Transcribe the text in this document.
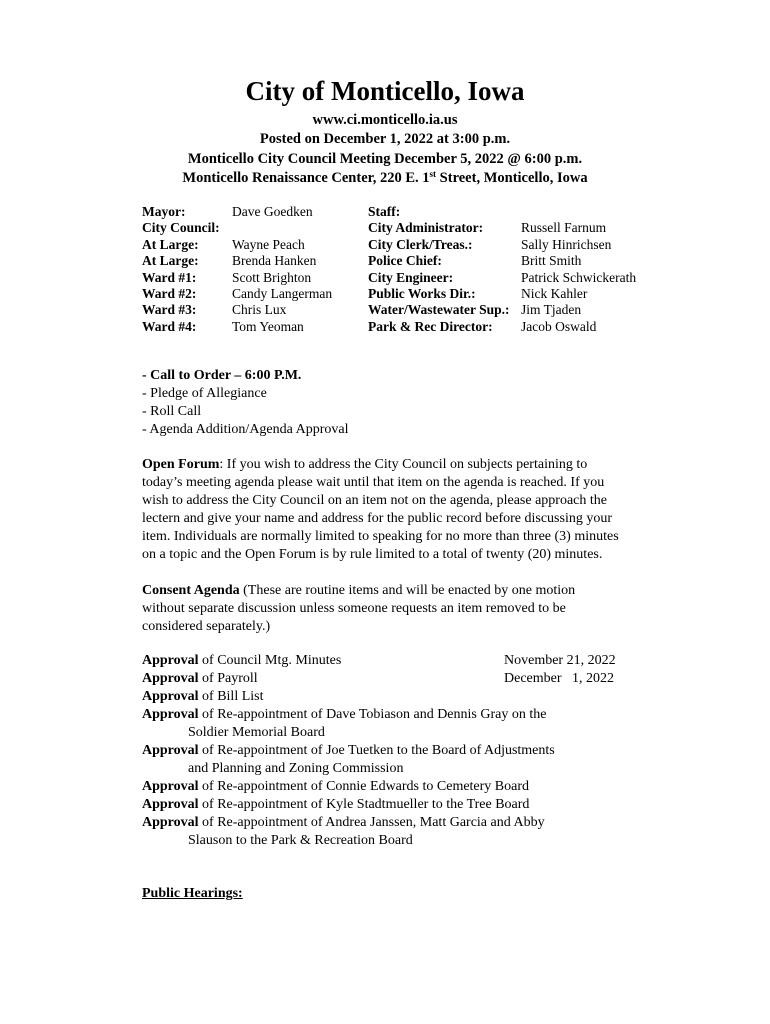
City of Monticello, Iowa
www.ci.monticello.ia.us
Posted on December 1, 2022 at 3:00 p.m.
Monticello City Council Meeting December 5, 2022 @ 6:00 p.m.
Monticello Renaissance Center, 220 E. 1st Street, Monticello, Iowa
Mayor:
City Council:
At Large:
At Large:
Ward #1:
Ward #2:
Ward #3:
Ward #4:
Dave Goedken
Wayne Peach
Brenda Hanken
Scott Brighton
Candy Langerman
Chris Lux
Tom Yeoman
Staff:
City Administrator:
City Clerk/Treas.:
Police Chief:
City Engineer:
Public Works Dir.:
Water/Wastewater Sup.:
Park & Rec Director:
Russell Farnum
Sally Hinrichsen
Britt Smith
Patrick Schwickerath
Nick Kahler
Jim Tjaden
Jacob Oswald
- Call to Order – 6:00 P.M.
- Pledge of Allegiance
- Roll Call
- Agenda Addition/Agenda Approval
Open Forum: If you wish to address the City Council on subjects pertaining to
today’s meeting agenda please wait until that item on the agenda is reached. If you
wish to address the City Council on an item not on the agenda, please approach the
lectern and give your name and address for the public record before discussing your
item. Individuals are normally limited to speaking for no more than three (3) minutes
on a topic and the Open Forum is by rule limited to a total of twenty (20) minutes.
Consent Agenda (These are routine items and will be enacted by one motion
without separate discussion unless someone requests an item removed to be
considered separately.)
Approval of Council Mtg. Minutes
Approval of Payroll
Approval of Bill List
Approval of Re-appointment of Dave Tobiason and Dennis Gray on the
Soldier Memorial Board
Approval of Re-appointment of Joe Tuetken to the Board of Adjustments
and Planning and Zoning Commission
Approval of Re-appointment of Connie Edwards to Cemetery Board
Approval of Re-appointment of Kyle Stadtmueller to the Tree Board
Approval of Re-appointment of Andrea Janssen, Matt Garcia and Abby
Slauson to the Park & Recreation Board
November 21, 2022
December   1, 2022
Public Hearings:
